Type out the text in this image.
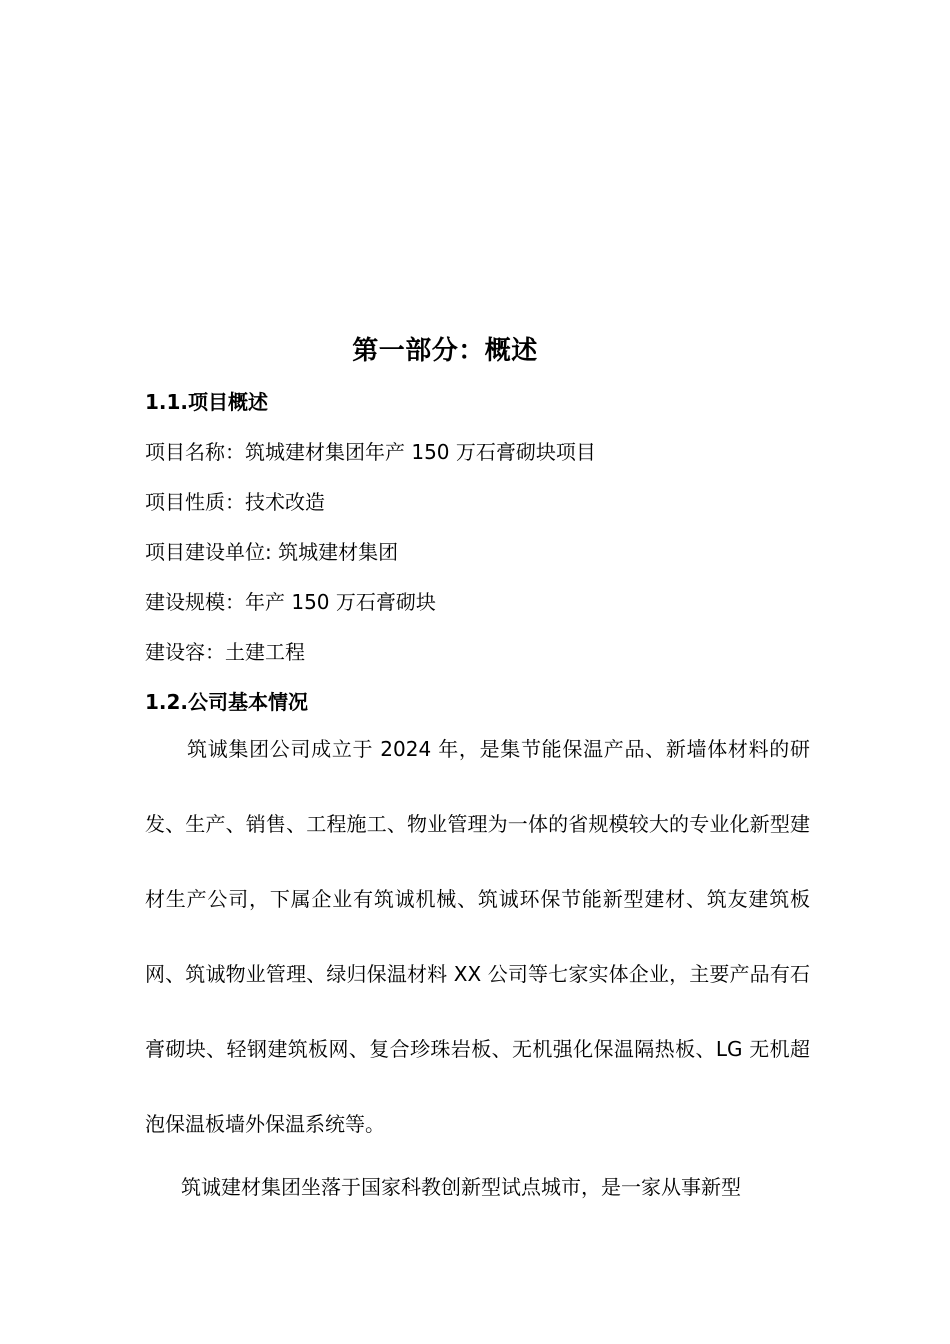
第一部分：概述
1.1.项目概述

项目名称：筑城建材集团年产 150 万石膏砌块项目

项目性质：技术改造

项目建设单位: 筑城建材集团

建设规模：年产 150 万石膏砌块

建设容：土建工程

1.2.公司基本情况

筑诚集团公司成立于 2024 年，是集节能保温产品、新墙体材料的研发、生产、销售、工程施工、物业管理为一体的省规模较大的专业化新型建材生产公司，下属企业有筑诚机械、筑诚环保节能新型建材、筑友建筑板网、筑诚物业管理、绿归保温材料 XX 公司等七家实体企业，主要产品有石膏砌块、轻钢建筑板网、复合珍珠岩板、无机强化保温隔热板、LG 无机超泡保温板墙外保温系统等。

筑诚建材集团坐落于国家科教创新型试点城市，是一家从事新型
